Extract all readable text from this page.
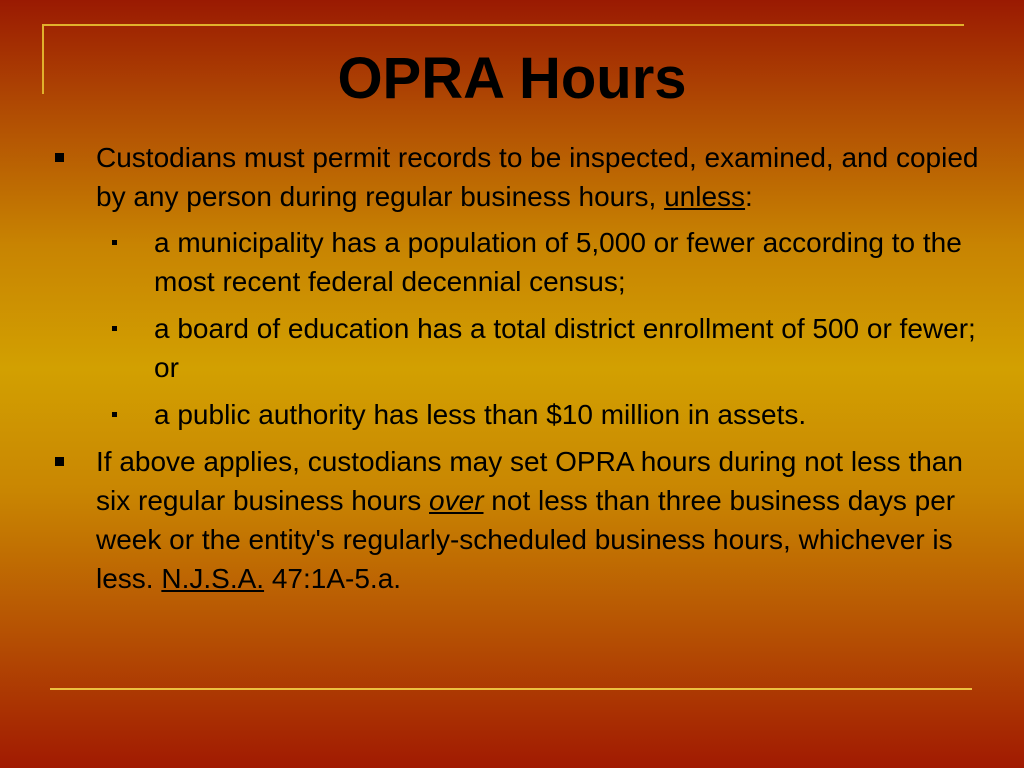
OPRA Hours
Custodians must permit records to be inspected, examined, and copied by any person during regular business hours, unless:
a municipality has a population of 5,000 or fewer according to the most recent federal decennial census;
a board of education has a total district enrollment of 500 or fewer; or
a public authority has less than $10 million in assets.
If above applies, custodians may set OPRA hours during not less than six regular business hours over not less than three business days per week or the entity's regularly-scheduled business hours, whichever is less. N.J.S.A. 47:1A-5.a.
